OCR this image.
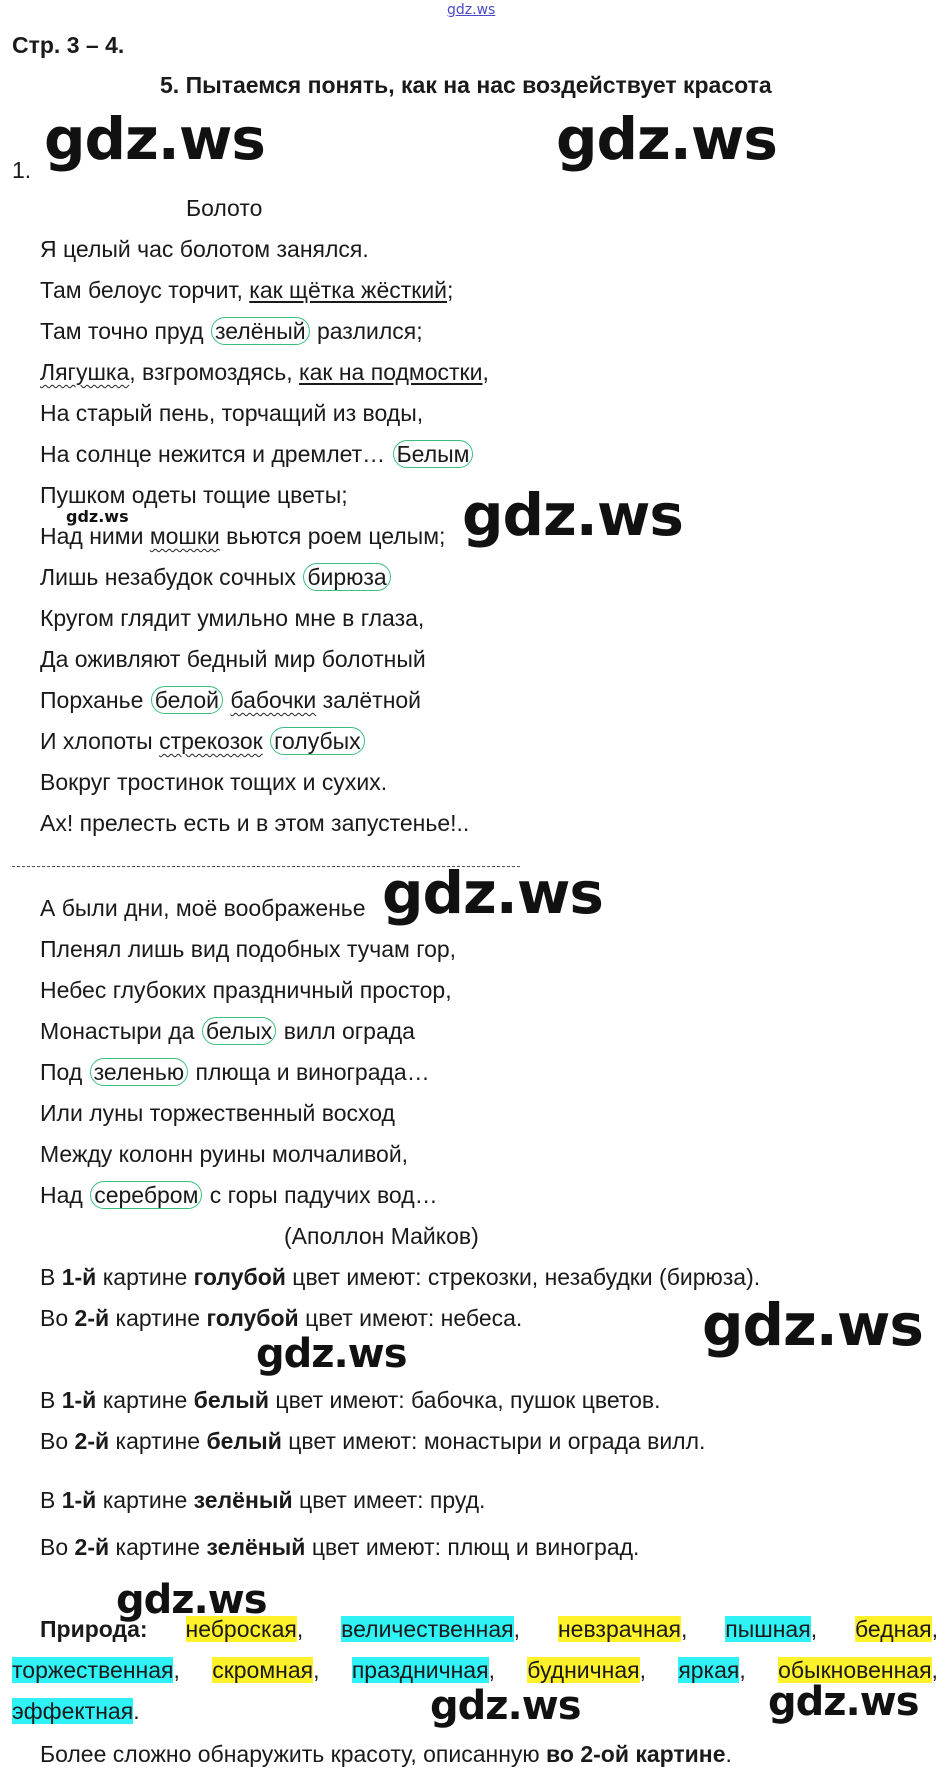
gdz.ws
Стр. 3 – 4.
5. Пытаемся понять, как на нас воздействует красота
1.
Болото
Я целый час болотом занялся.
Там белоус торчит, как щётка жёсткий;
Там точно пруд зелёный разлился;
Лягушка, взгромоздясь, как на подмостки,
На старый пень, торчащий из воды,
На солнце нежится и дремлет… Белым
Пушком одеты тощие цветы;
Над ними мошки вьются роем целым;
Лишь незабудок сочных бирюза
Кругом глядит умильно мне в глаза,
Да оживляют бедный мир болотный
Порханье белой бабочки залётной
И хлопоты стрекозок голубых
Вокруг тростинок тощих и сухих.
Ах! прелесть есть и в этом запустенье!..
А были дни, моё воображенье
Пленял лишь вид подобных тучам гор,
Небес глубоких праздничный простор,
Монастыри да белых вилл ограда
Под зеленью плюща и винограда…
Или луны торжественный восход
Между колонн руины молчаливой,
Над серебром с горы падучих вод…
(Аполлон Майков)
В 1-й картине голубой цвет имеют: стрекозки, незабудки (бирюза).
Во 2-й картине голубой цвет имеют: небеса.
В 1-й картине белый цвет имеют: бабочка, пушок цветов.
Во 2-й картине белый цвет имеют: монастыри и ограда вилл.
В 1-й картине зелёный цвет имеет: пруд.
Во 2-й картине зелёный цвет имеют: плющ и виноград.
Природа: неброская, величественная, невзрачная, пышная, бедная,
торжественная, скромная, праздничная, будничная, яркая, обыкновенная,
эффектная.
Более сложно обнаружить красоту, описанную во 2-ой картине.
gdz.ws	gdz.ws
gdz.ws	gdz.ws
gdz.ws
gdz.ws
gdz.ws
gdz.ws
gdz.ws	gdz.ws
